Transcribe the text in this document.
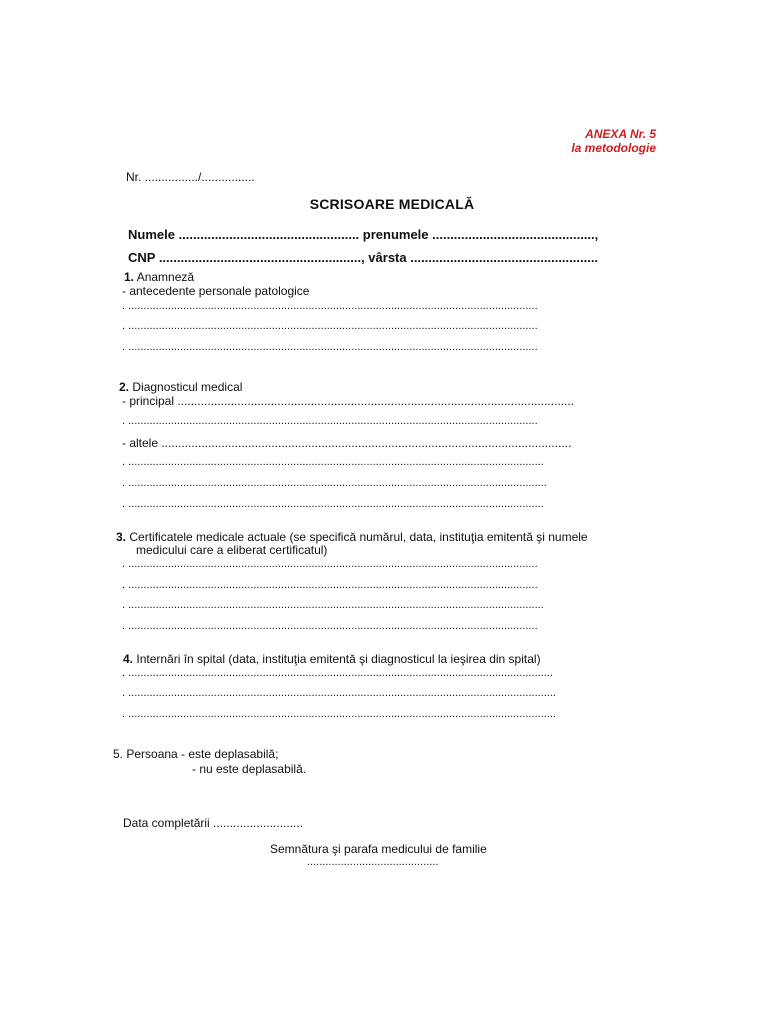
ANEXA Nr. 5
la metodologie
Nr. ................/................
SCRISOARE MEDICALĂ
Numele .................................................. prenumele .............................................,
CNP ........................................................, vârsta ....................................................
1. Anamneză
- antecedente personale patologice
. ......................................................................................................................................
. ......................................................................................................................................
. ......................................................................................................................................
2. Diagnosticul medical
- principal .......................................................................................................................
. ......................................................................................................................................
- altele ...........................................................................................................................
. ........................................................................................................................................
. .........................................................................................................................................
. ........................................................................................................................................
3. Certificatele medicale actuale (se specifică numărul, data, instituţia emitentă şi numele
medicului care a eliberat certificatul)
. ......................................................................................................................................
. ......................................................................................................................................
. ........................................................................................................................................
. ......................................................................................................................................
4. Internări în spital (data, instituţia emitentă şi diagnosticul la ieşirea din spital)
. ...........................................................................................................................................
. ............................................................................................................................................
. ............................................................................................................................................
5. Persoana - este deplasabilă;
- nu este deplasabilă.
Data completării ...........................
Semnătura şi parafa medicului de familie
...........................................
